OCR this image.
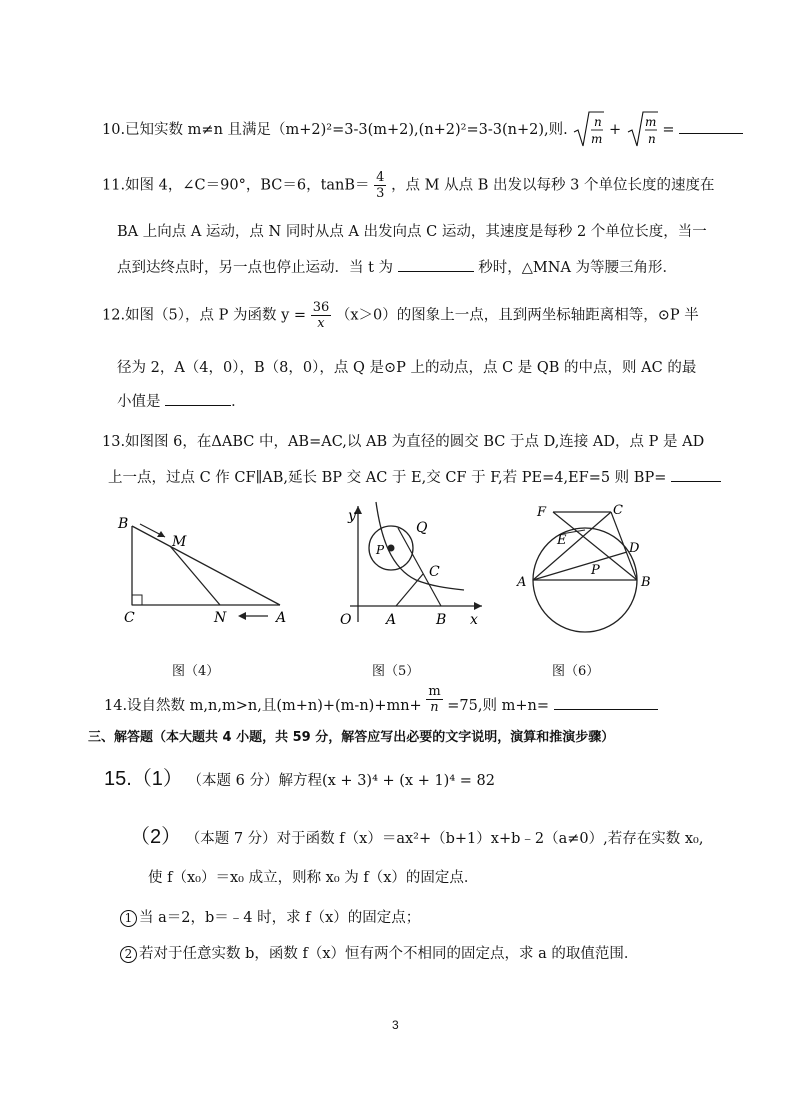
10.已知实数 m≠n 且满足（m+2)²=3-3(m+2),(n+2)²=3-3(n+2),则. n
m
+ m
n
=
11.如图 4，∠C＝90°，BC＝6，$\tan B= \frac{4}{3}$ ，点 M 从点 B 出发以每秒 3 个单位长度的速度在
BA 上向点 A 运动，点 N 同时从点 A 出发向点 C 运动，其速度是每秒 2 个单位长度，当一
点到达终点时，另一点也停止运动．当 t 为	秒时，△MNA 为等腰三角形．
12.如图（5），点 P 为函数 $y = \frac{36}{x} (x>0)$的图象上一点，且到两坐标轴距离相等，⊙P 半
径为 2，A（4，0），B（8，0），点 Q 是⊙P 上的动点，点 C 是 QB 的中点，则 AC 的最
小值是	．
13.如图图 6，在ΔABC 中，AB=AC,以 AB 为直径的圆交 BC 于点 D,连接 AD，点 P 是 AD
上一点，过点 C 作 CF∥AB,延长 BP 交 AC 于 E,交 CF 于 F,若 PE=4,EF=5 则 BP=
B
M
C	N	A
y
Q
P
C
O A	B x
F	C
E
D
A
P
B
图（4）	图（5）	图（6）
14.设自然数 m,n,m>n,且$(m+n)+(m-n)+mn+ \frac{m}{n} =75$,则 m+n=
三、解答题（本大题共 4 小题，共 59 分，解答应写出必要的文字说明，演算和推演步骤）
15.（1） （本题 6 分）解方程(x + 3)⁴ + (x + 1)⁴ = 82
（2） （本题 7 分）对于函数 f（x）＝ax²+（b+1）x+b﹣2（a≠0）,若存在实数 x₀,
使 f（x₀）＝x₀ 成立，则称 x₀ 为 f（x）的固定点．
1 当 a＝2，b＝﹣4 时，求 f（x）的固定点；
2 若对于任意实数 b，函数 f（x）恒有两个不相同的固定点，求 a 的取值范围．
3
